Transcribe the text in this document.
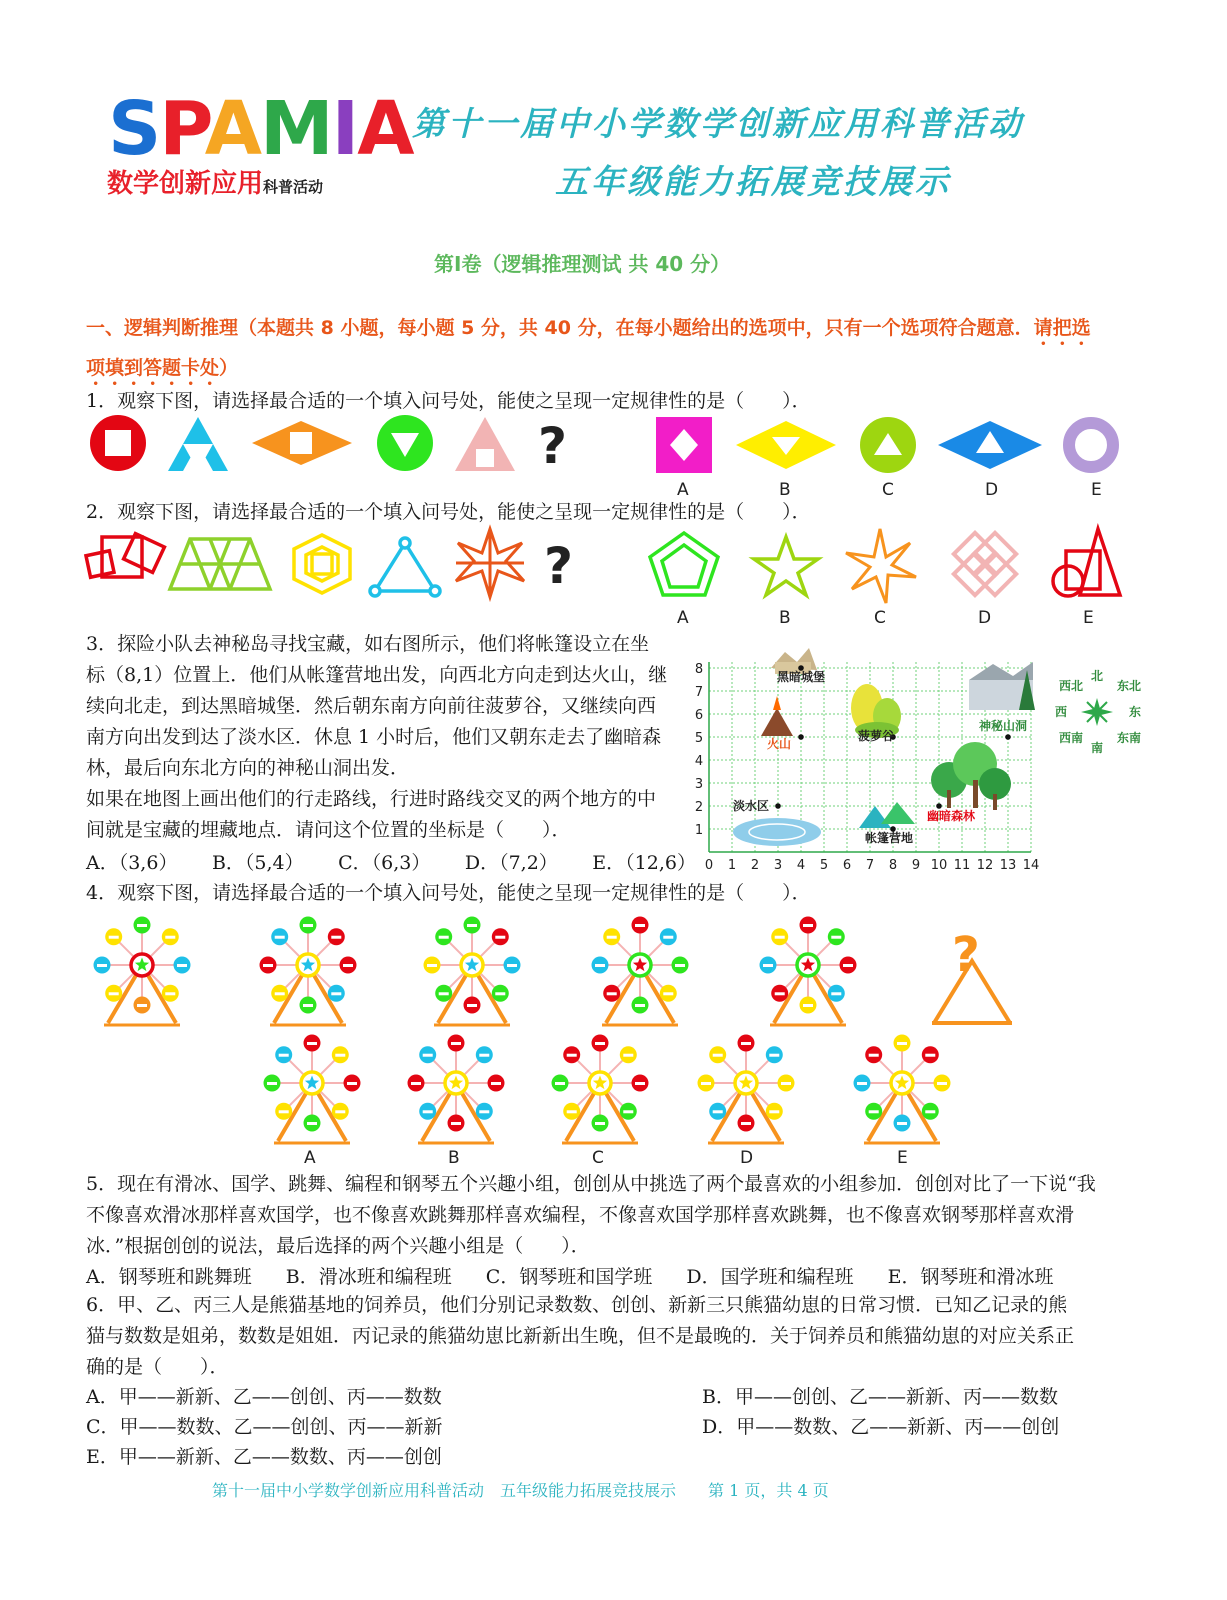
SPAMIA
数学创新应用科普活动
第十一届中小学数学创新应用科普活动
五年级能力拓展竞技展示
第Ⅰ卷（逻辑推理测试 共 40 分）
一、逻辑判断推理（本题共 8 小题，每小题 5 分，共 40 分，在每小题给出的选项中，只有一个选项符合题意．请把选
项填到答题卡处）
1．观察下图，请选择最合适的一个填入问号处，能使之呈现一定规律性的是（　　）．
?
A	B	C	D	E
2．观察下图，请选择最合适的一个填入问号处，能使之呈现一定规律性的是（　　）．
?
A	B	C	D	E
3．探险小队去神秘岛寻找宝藏，如右图所示，他们将帐篷设立在坐
标（8,1）位置上．他们从帐篷营地出发，向西北方向走到达火山，继
续向北走，到达黑暗城堡．然后朝东南方向前往菠萝谷，又继续向西
南方向出发到达了淡水区．休息 1 小时后，他们又朝东走去了幽暗森
林，最后向东北方向的神秘山洞出发．
如果在地图上画出他们的行走路线，行进时路线交叉的两个地方的中
间就是宝藏的埋藏地点．请问这个位置的坐标是（　　）．
A．（3,6） B．（5,4） C．（6,3） D．（7,2） E．（12,6） 0 1 2 3 4 5 6 7 8 9 10 11 12 13 14
1
2
3
4
5
6
7
8	黑暗城堡
火山
菠萝谷
神秘山洞
淡水区
幽暗森林
帐篷营地
西北
北
东北
西	东
西南
南
东南
4．观察下图，请选择最合适的一个填入问号处，能使之呈现一定规律性的是（　　）．
?
A	B	C	D	E
5．现在有滑冰、国学、跳舞、编程和钢琴五个兴趣小组，创创从中挑选了两个最喜欢的小组参加．创创对比了一下说“我
不像喜欢滑冰那样喜欢国学，也不像喜欢跳舞那样喜欢编程，不像喜欢国学那样喜欢跳舞，也不像喜欢钢琴那样喜欢滑
冰．”根据创创的说法，最后选择的两个兴趣小组是（　　）．
A．钢琴班和跳舞班 B．滑冰班和编程班 C．钢琴班和国学班 D．国学班和编程班 E．钢琴班和滑冰班
6．甲、乙、丙三人是熊猫基地的饲养员，他们分别记录数数、创创、新新三只熊猫幼崽的日常习惯．已知乙记录的熊
猫与数数是姐弟，数数是姐姐．丙记录的熊猫幼崽比新新出生晚，但不是最晚的．关于饲养员和熊猫幼崽的对应关系正
确的是（　　）．
A．甲——新新、乙——创创、丙——数数	B．甲——创创、乙——新新、丙——数数
C．甲——数数、乙——创创、丙——新新	D．甲——数数、乙——新新、丙——创创
E．甲——新新、乙——数数、丙——创创
第十一届中小学数学创新应用科普活动　五年级能力拓展竞技展示　　第 1 页，共 4 页
